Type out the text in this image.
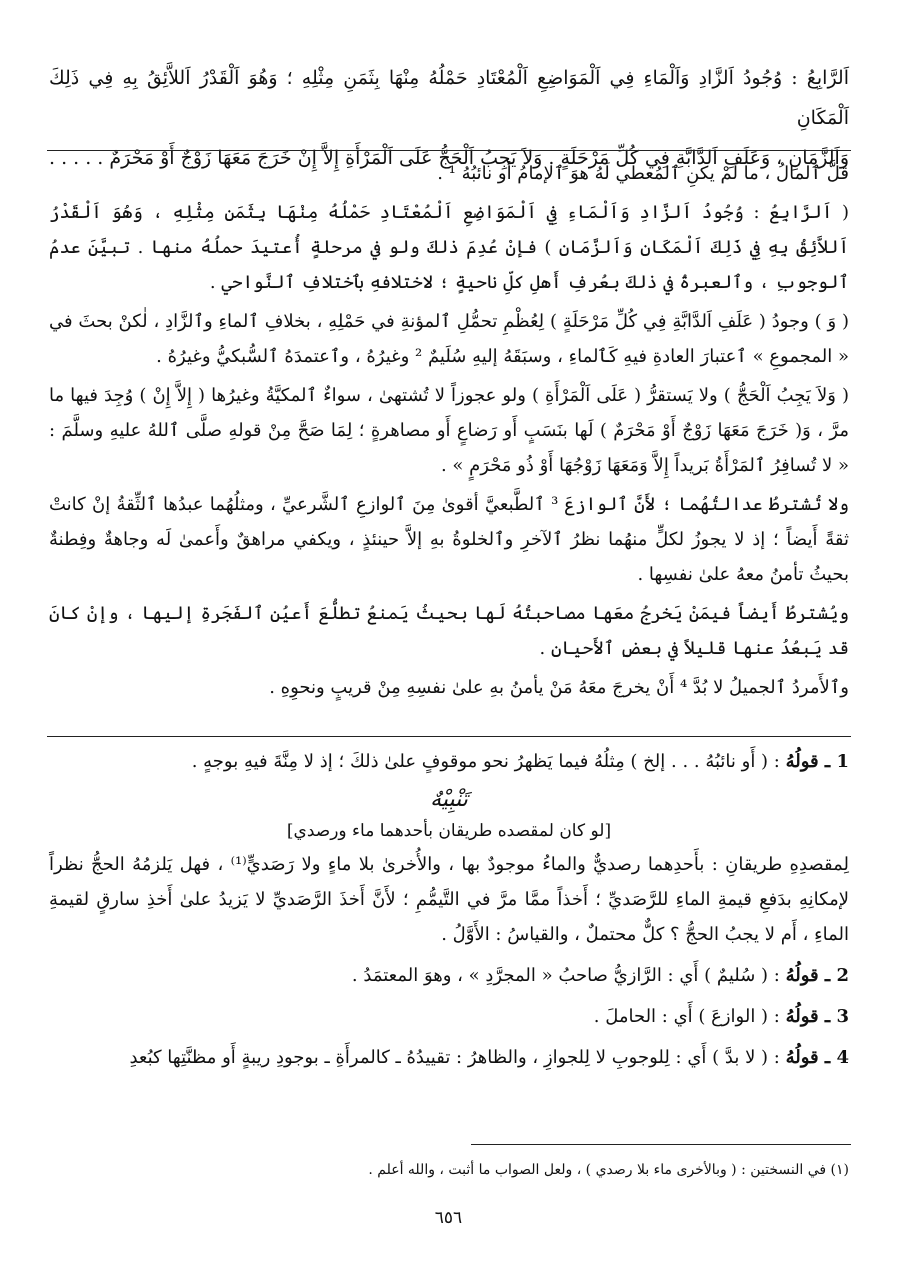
اَلرَّابِعُ : وُجُودُ اَلزَّادِ وَاَلْمَاءِ فِي اَلْمَوَاضِعِ اَلْمُعْتَادِ حَمْلُهُ مِنْهَا بِثَمَنِ مِثْلِهِ ؛ وَهُوَ اَلْقَدْرُ اَللاَّئِقُ بِهِ فِي ذَلِكَ اَلْمَكَانِ

وَاَلزَّمَانِ ، وَعَلَفِ اَلدَّابَّةِ فِي كُلِّ مَرْحَلَةٍ . وَلاَ يَجِبُ اَلْحَجُّ عَلَى اَلْمَرْأَةِ إِلاَّ إِنْ خَرَجَ مَعَهَا زَوْجٌ أَوْ مَحْرَمٌ . . . . .

قلَّ ٱلمالُ ، ما لَمْ يكنِ ٱلمُعطي لَهُ هوَ ٱلإمامُ أو نائبُهُ ¹ .

( اَلرَّابِعُ : وُجُودُ اَلزَّادِ وَاَلْمَاءِ فِي اَلْمَوَاضِعِ اَلْمُعْتَادِ حَمْلُهُ مِنْهَا بِثَمَنِ مِثْلِهِ ، وَهُوَ اَلْقَدْرُ اَللاَّئِقُ بِهِ فِي ذَلِكَ اَلْمَكَانِ وَاَلزَّمَانِ ) فإنْ عُدِمَ ذلكَ ولو في مرحلةٍ أُعتيدَ حملُهُ منها . تبيَّنَ عدمُ ٱلوجوبِ ، وٱلعبرةُ في ذلكَ بعُرفِ أَهلِ كلِّ ناحيةٍ ؛ لاختلافهِ بٱختلافِ ٱلنَّواحي .

( وَ ) وجودُ ( عَلَفِ اَلدَّابَّةِ فِي كُلِّ مَرْحَلَةٍ ) لِعُظْمِ تحمُّلِ ٱلمؤنةِ في حَمْلِهِ ، بخلافِ ٱلماءِ وٱلزَّادِ ، لٰكنْ بحثَ في « المجموعِ » ٱعتبارَ العادةِ فيهِ كَٱلماءِ ، وسبَقَهُ إليهِ سُلَيمٌ ² وغيرُهُ ، وٱعتمدَهُ ٱلسُّبكيُّ وغيرُهُ .

( وَلاَ يَجِبُ اَلْحَجُّ ) ولا يَستقرُّ ( عَلَى اَلْمَرْأَةِ ) ولو عجوزاً لا تُشتهىٰ ، سواءٌ ٱلمكيَّةُ وغيرُها ( إِلاَّ إِنْ ) وُجِدَ فيها ما مرَّ ، وَ( خَرَجَ مَعَهَا زَوْجٌ أَوْ مَحْرَمٌ ) لَها بنَسَبٍ أَو رَضاعٍ أَو مصاهرةٍ ؛ لِمَا صَحَّ مِنْ قولهِ صلَّى ٱللهُ عليهِ وسلَّمَ : « لا تُسافِرُ ٱلمَرْأَةُ بَريداً إِلاَّ وَمَعَهَا زَوْجُهَا أَوْ ذُو مَحْرَمٍ » .

ولا تُشترطُ عدالتُهُما ؛ لأَنَّ ٱلوازعَ ³ ٱلطَّبعيَّ أقوىٰ مِنَ ٱلوازعِ ٱلشَّرعيِّ ، ومثلُهُما عبدُها ٱلثِّقةُ إنْ كانتْ ثقةً أَيضاً ؛ إذ لا يجوزُ لكلٍّ منهُما نظرُ ٱلآخرِ وٱلخلوةُ بهِ إلاَّ حينئذٍ ، ويكفي مراهقٌ وأَعمىٰ لَه وجاهةٌ وفِطنةٌ بحيثُ تأمنُ معهُ علىٰ نفسِها .

ويُشترطُ أَيضاً فيمَنْ يَخرجُ معَها مصاحبتُهُ لَها بحيثُ يَمنعُ تطلُّعَ أَعيُنِ ٱلفَجَرةِ إليها ، وإنْ كانَ قد يَبعُدُ عنها قليلاً في بعضِ ٱلأَحيانِ .

وٱلأَمردُ ٱلجميلُ لا بُدَّ ⁴ أَنْ يخرجَ معَهُ مَنْ يأمنُ بهِ علىٰ نفسِهِ مِنْ قريبٍ ونحوِهِ .

1 ـ قولُهُ : ( أَو نائبُهُ . . . إلخ ) مِثلُهُ فيما يَظهرُ نحو موقوفٍ علىٰ ذلكَ ؛ إذ لا مِنَّةَ فيهِ بوجهٍ .

تَنْبِيْهٌ

[لو كان لمقصده طريقان بأحدهما ماء ورصدي]

لِمقصدِهِ طريقانِ : بأَحدِهما رصديٌّ والماءُ موجودٌ بها ، والأُخرىٰ بلا ماءٍ ولا رَصَديٍّ⁽¹⁾ ، فهل يَلزمُهُ الحجُّ نظراً لإمكانِهِ بدَفعِ قيمةِ الماءِ للرَّصَديِّ ؛ أَخذاً ممَّا مرَّ في التَّيمُّمِ ؛ لأَنَّ أَخذَ الرَّصَديِّ لا يَزيدُ علىٰ أَخذِ سارقٍ لقيمةِ الماءِ ، أَم لا يجبُ الحجُّ ؟ كلٌّ محتملٌ ، والقياسُ : الأَوَّلُ .

2 ـ قولُهُ : ( سُليمٌ ) أَي : الرَّازيُّ صاحبُ « المجرَّدِ » ، وهوَ المعتمَدُ .

3 ـ قولُهُ : ( الوازعَ ) أَي : الحاملَ .

4 ـ قولُهُ : ( لا بدَّ ) أَي : لِلوجوبِ لا لِلجوازِ ، والظاهرُ : تقييدُهُ ـ كالمرأَةِ ـ بوجودِ ريبةٍ أَو مظنَّتِها كبُعدِ

(١) في النسختين : ( وبالأخرى ماء بلا رصدي ) ، ولعل الصواب ما أثبت ، والله أعلم .

٦٥٦
